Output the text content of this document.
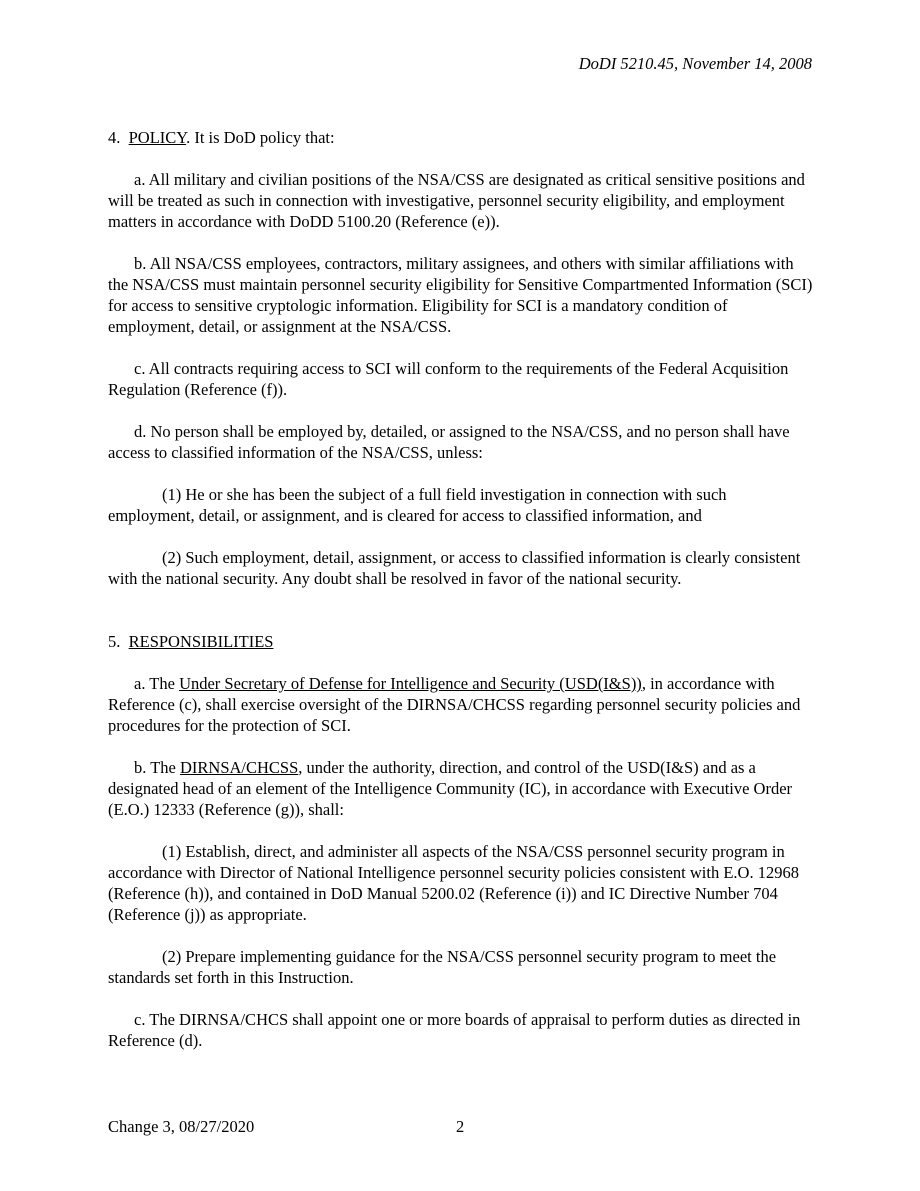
DoDI 5210.45, November 14, 2008

4. POLICY. It is DoD policy that:

a. All military and civilian positions of the NSA/CSS are designated as critical sensitive positions and will be treated as such in connection with investigative, personnel security eligibility, and employment matters in accordance with DoDD 5100.20 (Reference (e)).

b. All NSA/CSS employees, contractors, military assignees, and others with similar affiliations with the NSA/CSS must maintain personnel security eligibility for Sensitive Compartmented Information (SCI) for access to sensitive cryptologic information. Eligibility for SCI is a mandatory condition of employment, detail, or assignment at the NSA/CSS.

c. All contracts requiring access to SCI will conform to the requirements of the Federal Acquisition Regulation (Reference (f)).

d. No person shall be employed by, detailed, or assigned to the NSA/CSS, and no person shall have access to classified information of the NSA/CSS, unless:

(1) He or she has been the subject of a full field investigation in connection with such employment, detail, or assignment, and is cleared for access to classified information, and

(2) Such employment, detail, assignment, or access to classified information is clearly consistent with the national security. Any doubt shall be resolved in favor of the national security.

5. RESPONSIBILITIES

a. The Under Secretary of Defense for Intelligence and Security (USD(I&S)), in accordance with Reference (c), shall exercise oversight of the DIRNSA/CHCSS regarding personnel security policies and procedures for the protection of SCI.

b. The DIRNSA/CHCSS, under the authority, direction, and control of the USD(I&S) and as a designated head of an element of the Intelligence Community (IC), in accordance with Executive Order (E.O.) 12333 (Reference (g)), shall:

(1) Establish, direct, and administer all aspects of the NSA/CSS personnel security program in accordance with Director of National Intelligence personnel security policies consistent with E.O. 12968 (Reference (h)), and contained in DoD Manual 5200.02 (Reference (i)) and IC Directive Number 704 (Reference (j)) as appropriate.

(2) Prepare implementing guidance for the NSA/CSS personnel security program to meet the standards set forth in this Instruction.

c. The DIRNSA/CHCS shall appoint one or more boards of appraisal to perform duties as directed in Reference (d).

Change 3, 08/27/2020	2
